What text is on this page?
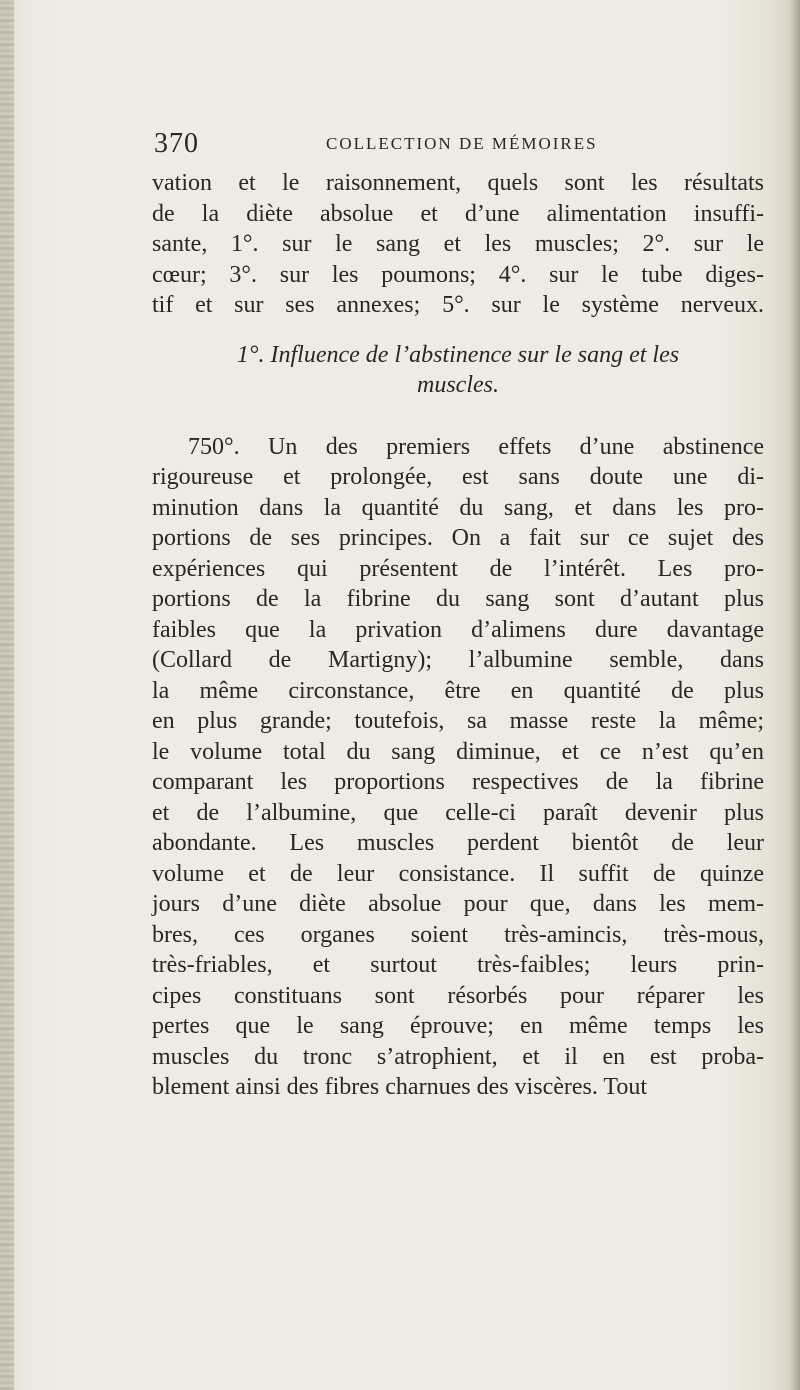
370	COLLECTION DE MÉMOIRES
vation et le raisonnement, quels sont les résultats
de la diète absolue et d’une alimentation insuffi-
sante, 1°. sur le sang et les muscles; 2°. sur le
cœur; 3°. sur les poumons; 4°. sur le tube diges-
tif et sur ses annexes; 5°. sur le système nerveux.
1°. Influence de l’abstinence sur le sang et les
muscles.
750°. Un des premiers effets d’une abstinence
rigoureuse et prolongée, est sans doute une di-
minution dans la quantité du sang, et dans les pro-
portions de ses principes. On a fait sur ce sujet des
expériences qui présentent de l’intérêt. Les pro-
portions de la fibrine du sang sont d’autant plus
faibles que la privation d’alimens dure davantage
(Collard de Martigny); l’albumine semble, dans
la même circonstance, être en quantité de plus
en plus grande; toutefois, sa masse reste la même;
le volume total du sang diminue, et ce n’est qu’en
comparant les proportions respectives de la fibrine
et de l’albumine, que celle-ci paraît devenir plus
abondante. Les muscles perdent bientôt de leur
volume et de leur consistance. Il suffit de quinze
jours d’une diète absolue pour que, dans les mem-
bres, ces organes soient très-amincis, très-mous,
très-friables, et surtout très-faibles; leurs prin-
cipes constituans sont résorbés pour réparer les
pertes que le sang éprouve; en même temps les
muscles du tronc s’atrophient, et il en est proba-
blement ainsi des fibres charnues des viscères. Tout
